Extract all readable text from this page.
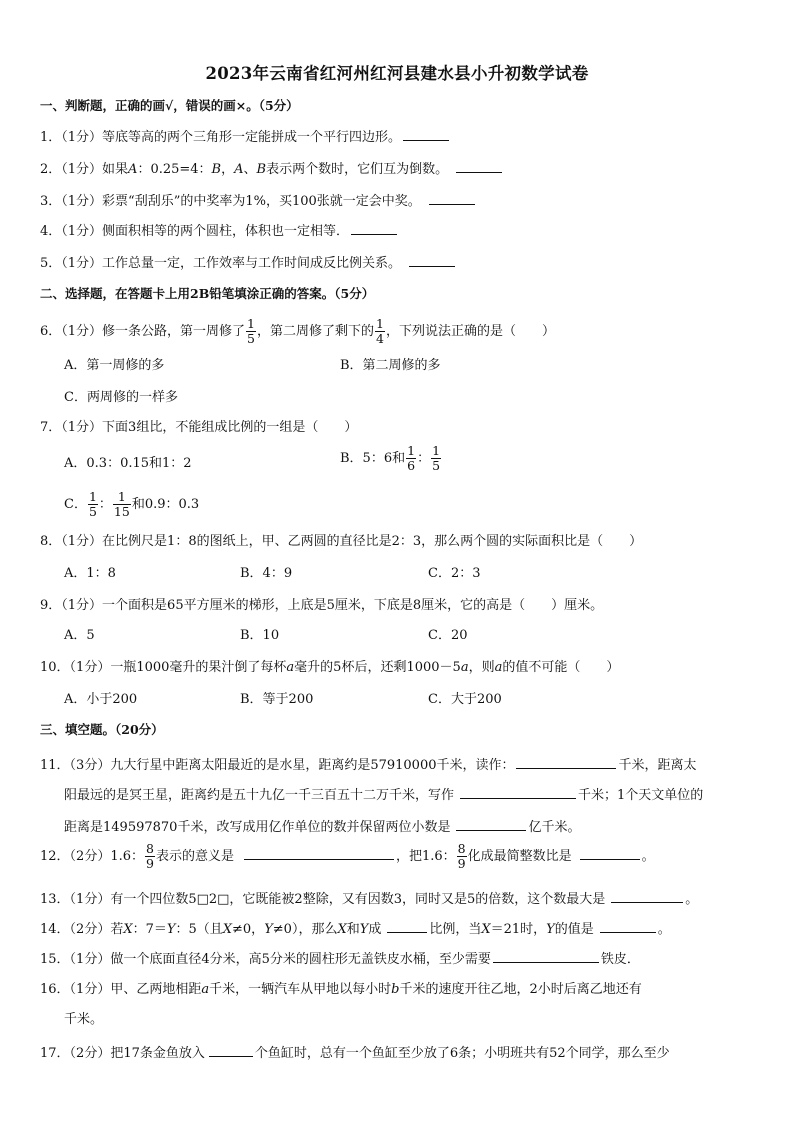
2023年云南省红河州红河县建水县小升初数学试卷
一、判断题，正确的画√，错误的画×。（5分）
1．（1分）等底等高的两个三角形一定能拼成一个平行四边形。
2．（1分）如果A：0.25=4：B，A、B表示两个数时，它们互为倒数。
3．（1分）彩票“刮刮乐”的中奖率为1%，买100张就一定会中奖。
4．（1分）侧面积相等的两个圆柱，体积也一定相等．
5．（1分）工作总量一定，工作效率与工作时间成反比例关系。
二、选择题，在答题卡上用2B铅笔填涂正确的答案。（5分）
6．（1分）修一条公路，第一周修了 $\frac{1}{5}$ ，第二周修了剩下的 $\frac{1}{4}$ ，下列说法正确的是（　　）
A．第一周修的多	B．第二周修的多
C．两周修的一样多
7．（1分）下面3组比，不能组成比例的一组是（　　）
A．0.3：0.15和1：2	B．5：6和 $\frac{1}{6}$ ： $\frac{1}{5}$
C． $\frac{1}{5}$ ： $\frac{1}{15}$ 和0.9：0.3
8．（1分）在比例尺是1：8的图纸上，甲、乙两圆的直径比是2：3，那么两个圆的实际面积比是（　　）
A．1：8	B．4：9	C．2：3
9．（1分）一个面积是65平方厘米的梯形，上底是5厘米，下底是8厘米，它的高是（　　）厘米。
A．5	B．10	C．20
10．（1分）一瓶1000毫升的果汁倒了每杯a毫升的5杯后，还剩1000－5a，则a的值不可能（　　）
A．小于200	B．等于200	C．大于200
三、填空题。（20分）
11．（3分）九大行星中距离太阳最近的是水星，距离约是57910000千米，读作：	千米，距离太
阳最远的是冥王星，距离约是五十九亿一千三百五十二万千米，写作	千米；1个天文单位的
距离是149597870千米，改写成用亿作单位的数并保留两位小数是	亿千米。
12．（2分）1.6： $\frac{8}{9}$ 表示的意义是	，把1.6： $\frac{8}{9}$ 化成最简整数比是	。
13．（1分）有一个四位数5□2□，它既能被2整除，又有因数3，同时又是5的倍数，这个数最大是	。
14．（2分）若X：7＝Y：5（且X≠0，Y≠0），那么X和Y成	比例，当X＝21时，Y的值是	。
15．（1分）做一个底面直径4分米，高5分米的圆柱形无盖铁皮水桶，至少需要	铁皮．
16．（1分）甲、乙两地相距a千米，一辆汽车从甲地以每小时b千米的速度开往乙地，2小时后离乙地还有
千米。
17．（2分）把17条金鱼放入	个鱼缸时，总有一个鱼缸至少放了6条；小明班共有52个同学，那么至少
